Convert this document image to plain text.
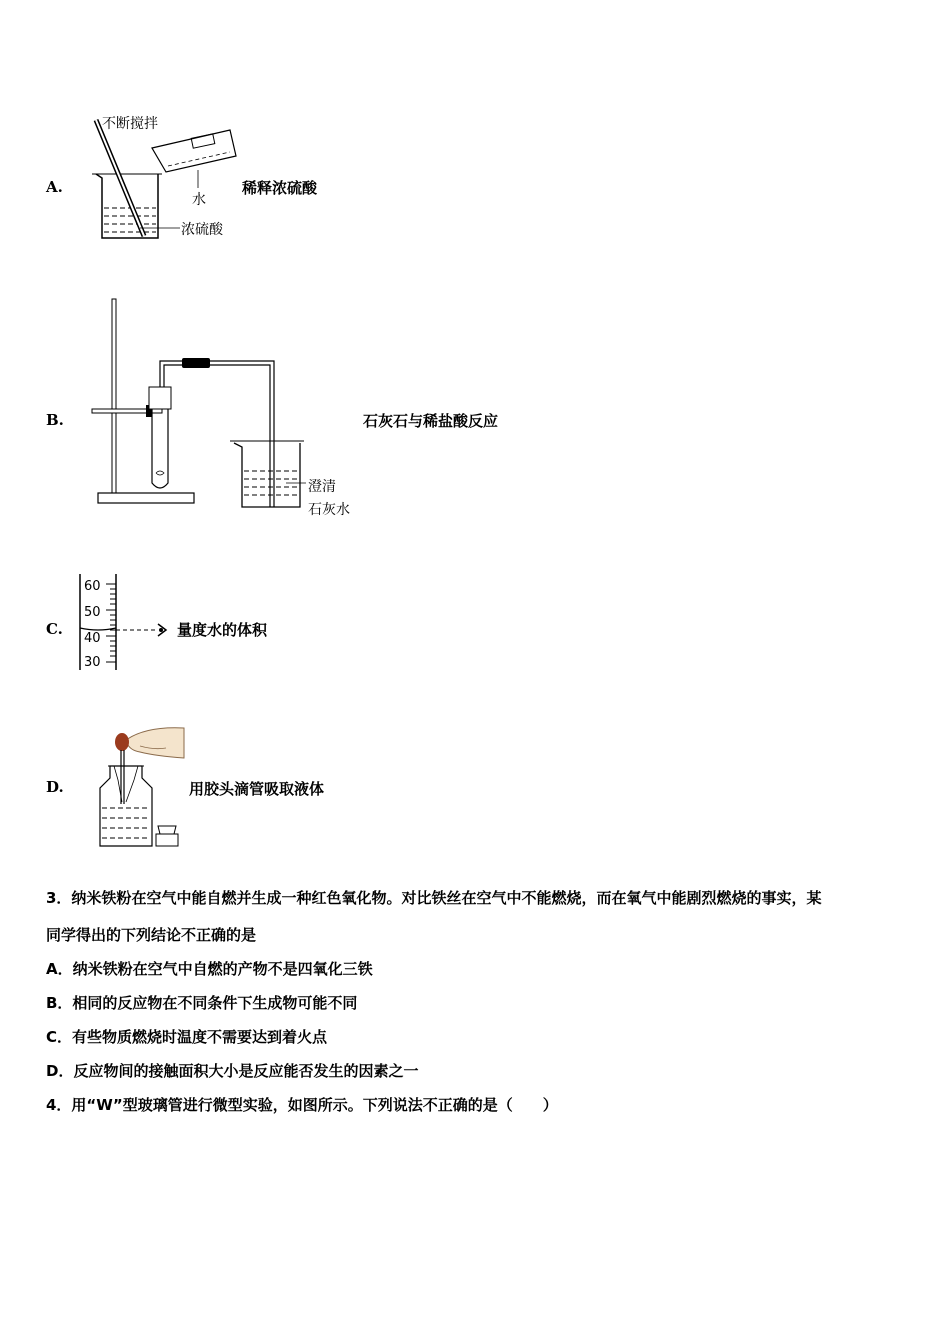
A.
不断搅拌
水
浓硫酸
稀释浓硫酸
B.
澄清
石灰水
石灰石与稀盐酸反应
C.
60
50
40
30
量度水的体积
D.	用胶头滴管吸取液体
3．纳米铁粉在空气中能自燃并生成一种红色氧化物。对比铁丝在空气中不能燃烧，而在氧气中能剧烈燃烧的事实，某
同学得出的下列结论不正确的是
A．纳米铁粉在空气中自燃的产物不是四氧化三铁
B．相同的反应物在不同条件下生成物可能不同
C．有些物质燃烧时温度不需要达到着火点
D．反应物间的接触面积大小是反应能否发生的因素之一
4．用“W”型玻璃管进行微型实验，如图所示。下列说法不正确的是（　　）
